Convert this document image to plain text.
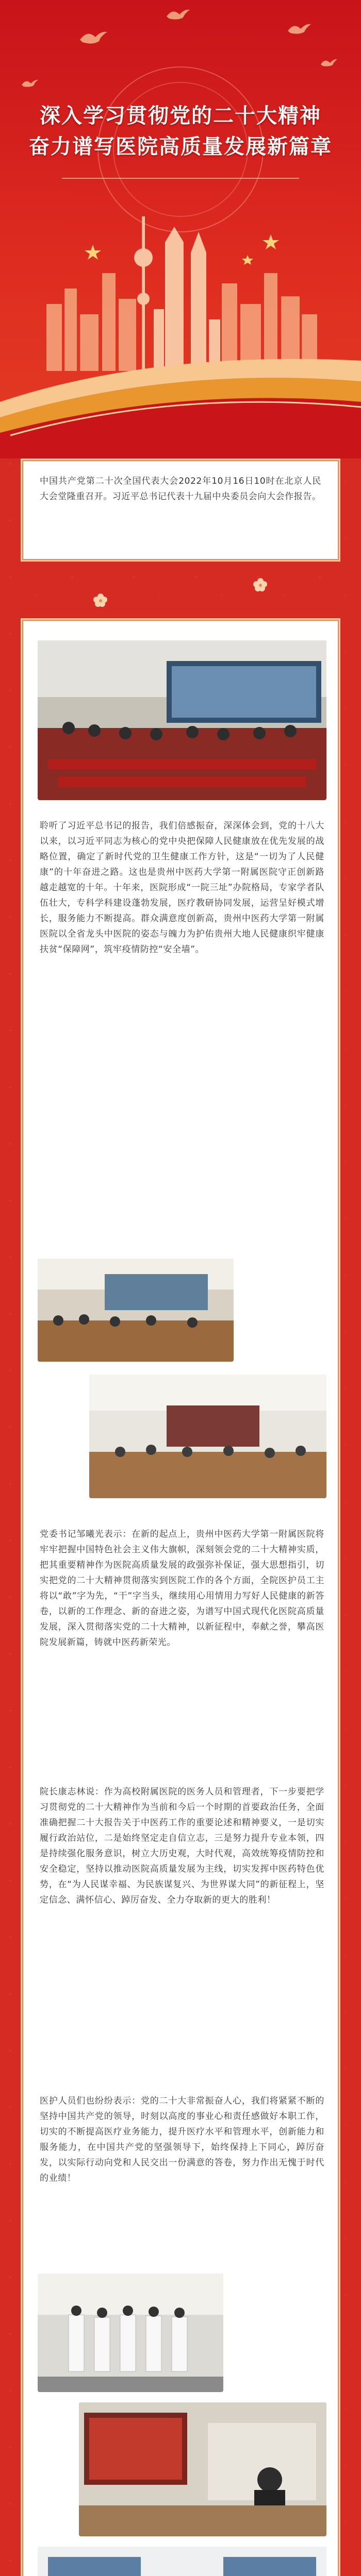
深入学习贯彻党的二十大精神
奋力谱写医院高质量发展新篇章

中国共产党第二十次全国代表大会2022年10月16日10时在北京人民大会堂隆重召开。习近平总书记代表十九届中央委员会向大会作报告。

聆听了习近平总书记的报告，我们倍感振奋，深深体会到，党的十八大以来，以习近平同志为核心的党中央把保障人民健康放在优先发展的战略位置，确定了新时代党的卫生健康工作方针，这是“一切为了人民健康”的十年奋进之路。这也是贵州中医药大学第一附属医院守正创新路越走越宽的十年。十年来，医院形成“一院三址”办院格局，专家学者队伍壮大，专科学科建设蓬勃发展，医疗教研协同发展，运营呈好模式增长，服务能力不断提高。群众满意度创新高，贵州中医药大学第一附属医院以全省龙头中医院的姿态与魄力为护佑贵州大地人民健康织牢健康扶贫“保障网”，筑牢疫情防控“安全墙”。

党委书记邹曦光表示：在新的起点上，贵州中医药大学第一附属医院将牢牢把握中国特色社会主义伟大旗帜，深刻领会党的二十大精神实质，把其重要精神作为医院高质量发展的政强弥补保证，强大思想指引，切实把党的二十大精神贯彻落实到医院工作的各个方面，全院医护员工主将以“敢”字为先，“干”字当头，继续用心用情用力写好人民健康的新答卷，以新的工作理念、新的奋进之姿，为谱写中国式现代化医院高质量发展，深入贯彻落实党的二十大精神，以新征程中，奉献之誉，攀高医院发展新篇，铸就中医药新荣光。

院长康志林说：作为高校附属医院的医务人员和管理者，下一步要把学习贯彻党的二十大精神作为当前和今后一个时期的首要政治任务，全面准确把握二十大报告关于中医药工作的重要论述和精神要义，一是切实履行政治站位，二是始终坚定走自信立志，三是努力提升专业本领，四是持续强化服务意识，树立大历史观，大时代观，高效统筹疫情防控和安全稳定，坚持以推动医院高质量发展为主线，切实发挥中医药特色优势，在“为人民谋幸福、为民族谋复兴、为世界谋大同”的新征程上，坚定信念、满怀信心、踔厉奋发、全力夺取新的更大的胜利！

医护人员们也纷纷表示：党的二十大非常振奋人心，我们将紧紧不断的坚持中国共产党的领导，时刻以高度的事业心和责任感做好本职工作，切实的不断提高医疗业务能力，提升医疗水平和管理水平，创新能力和服务能力，在中国共产党的坚强领导下，始终保持上下同心，踔厉奋发，以实际行动向党和人民交出一份满意的答卷，努力作出无愧于时代的业绩！
